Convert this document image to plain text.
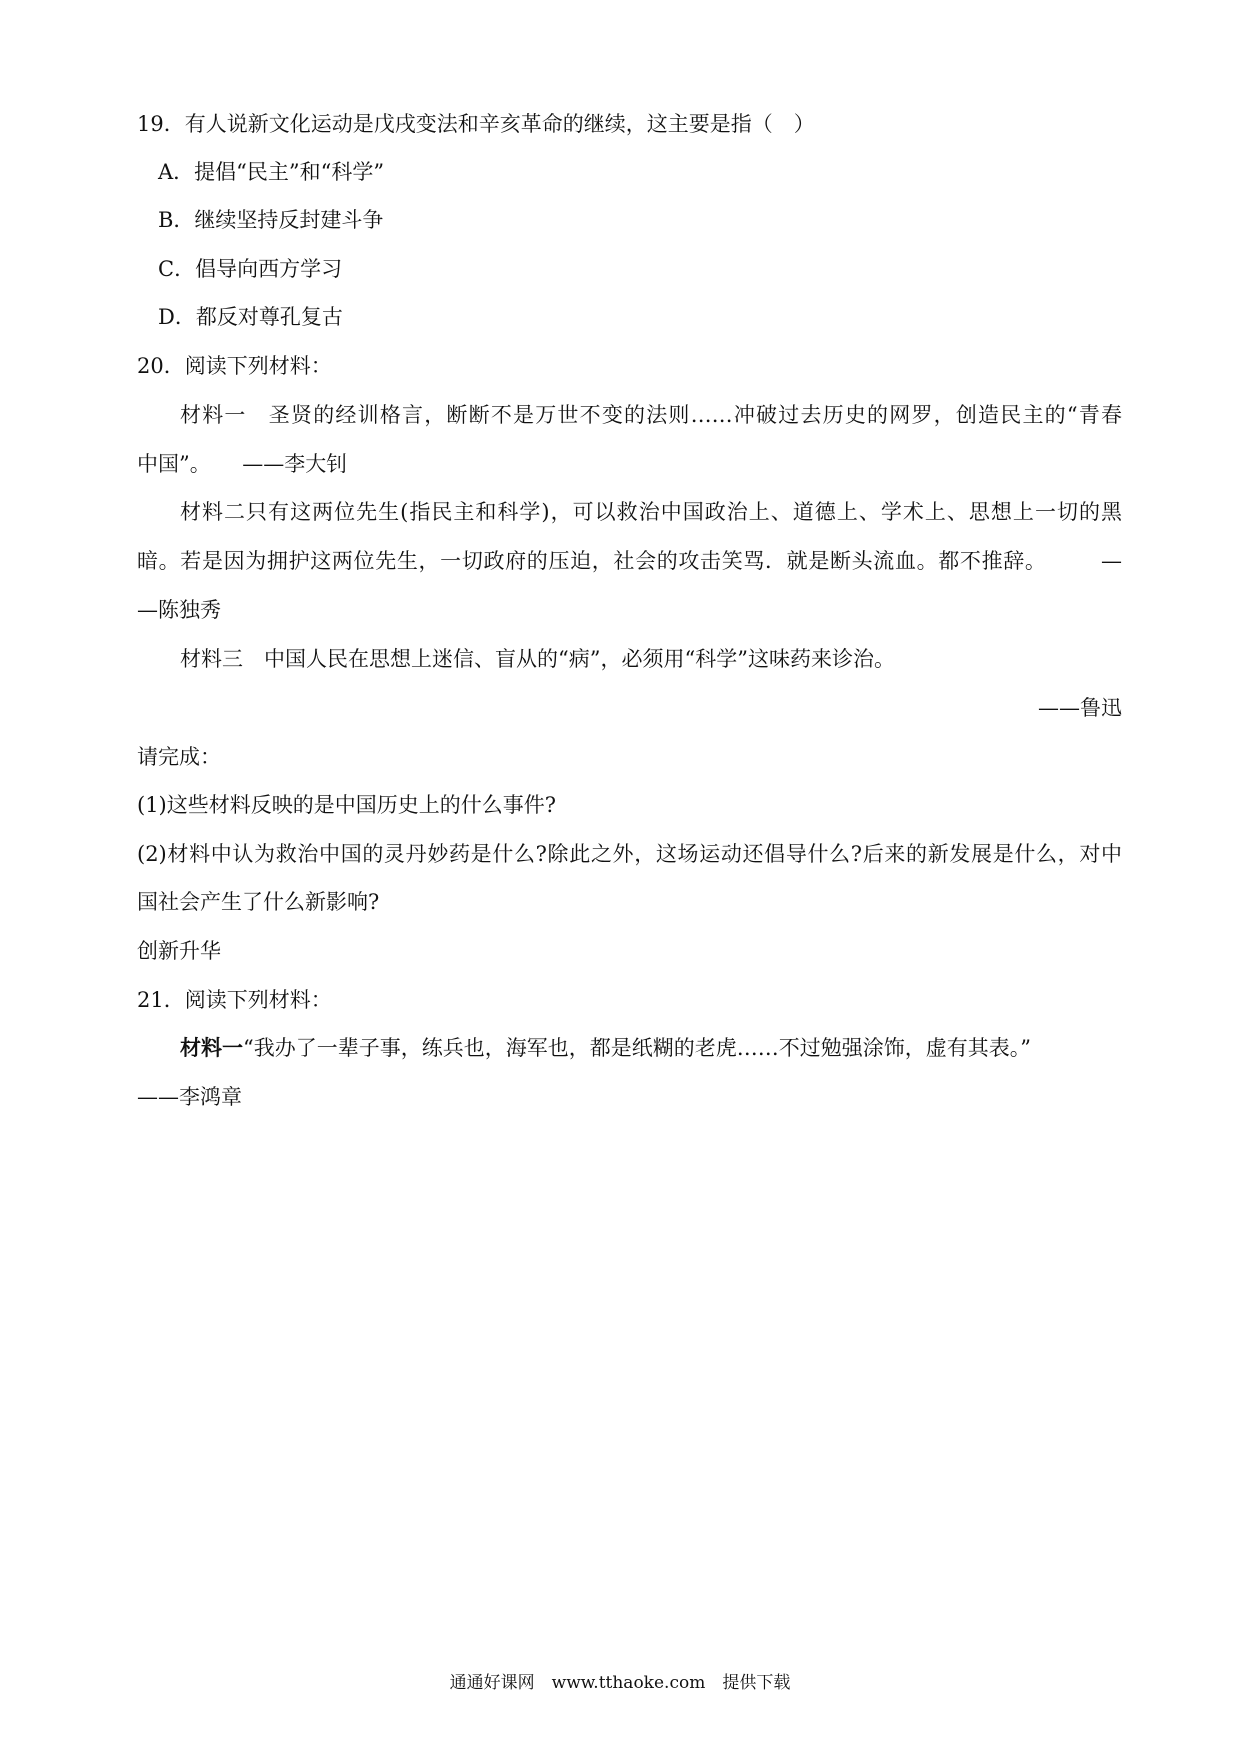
19．有人说新文化运动是戊戌变法和辛亥革命的继续，这主要是指（　）
A．提倡“民主”和“科学”
B．继续坚持反封建斗争
C．倡导向西方学习
D．都反对尊孔复古
20．阅读下列材料：
材料一　圣贤的经训格言，断断不是万世不变的法则……冲破过去历史的网罗，创造民主的“青春
中国”。　　——李大钊
材料二只有这两位先生(指民主和科学)，可以救治中国政治上、道德上、学术上、思想上一切的黑
暗。若是因为拥护这两位先生，一切政府的压迫，社会的攻击笑骂．就是断头流血。都不推辞。　　　—
—陈独秀
材料三　中国人民在思想上迷信、盲从的“病”，必须用“科学”这味药来诊治。
——鲁迅
请完成：
(1)这些材料反映的是中国历史上的什么事件?
(2)材料中认为救治中国的灵丹妙药是什么?除此之外，这场运动还倡导什么?后来的新发展是什么，对中
国社会产生了什么新影响?
创新升华
21．阅读下列材料：
材料一“我办了一辈子事，练兵也，海军也，都是纸糊的老虎……不过勉强涂饰，虚有其表。”
——李鸿章
通通好课网　www.tthaoke.com　提供下载
